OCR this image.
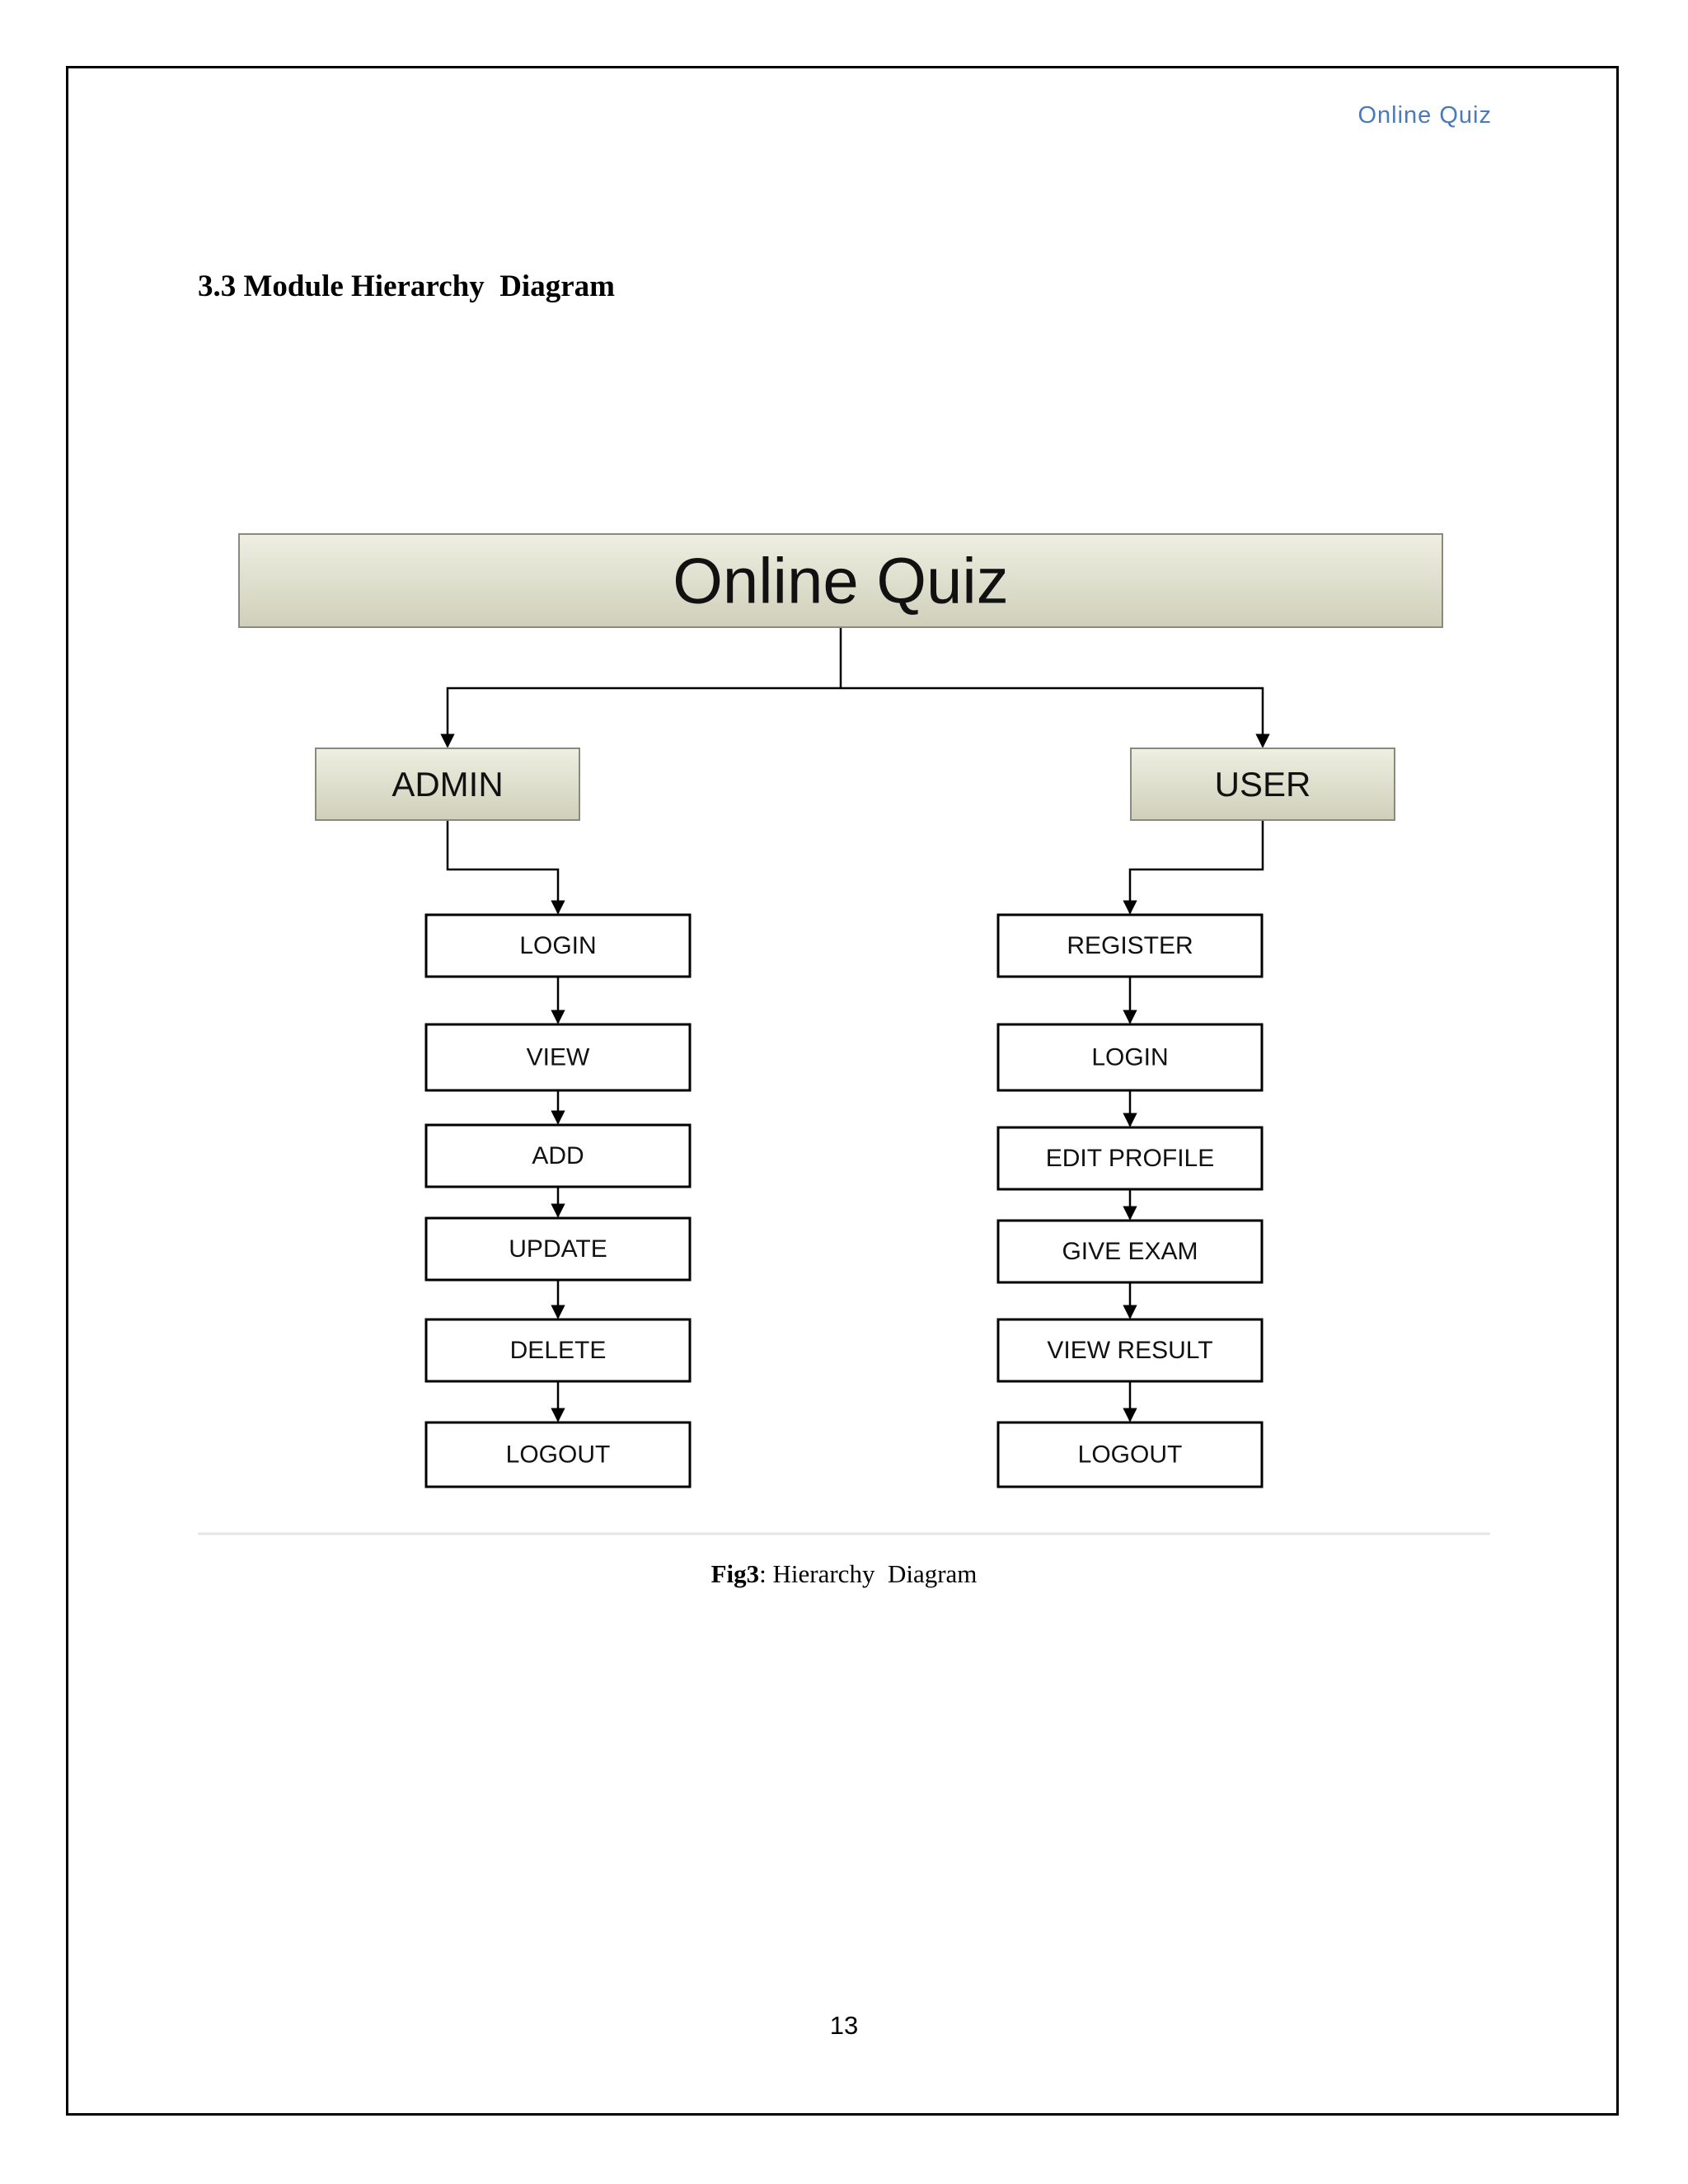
Online Quiz
3.3 Module Hierarchy  Diagram
Online Quiz
ADMIN
LOGIN
VIEW
ADD
UPDATE
DELETE
LOGOUT
USER
REGISTER
LOGIN
EDIT PROFILE
GIVE EXAM
VIEW RESULT
LOGOUT
Fig3: Hierarchy  Diagram
13
